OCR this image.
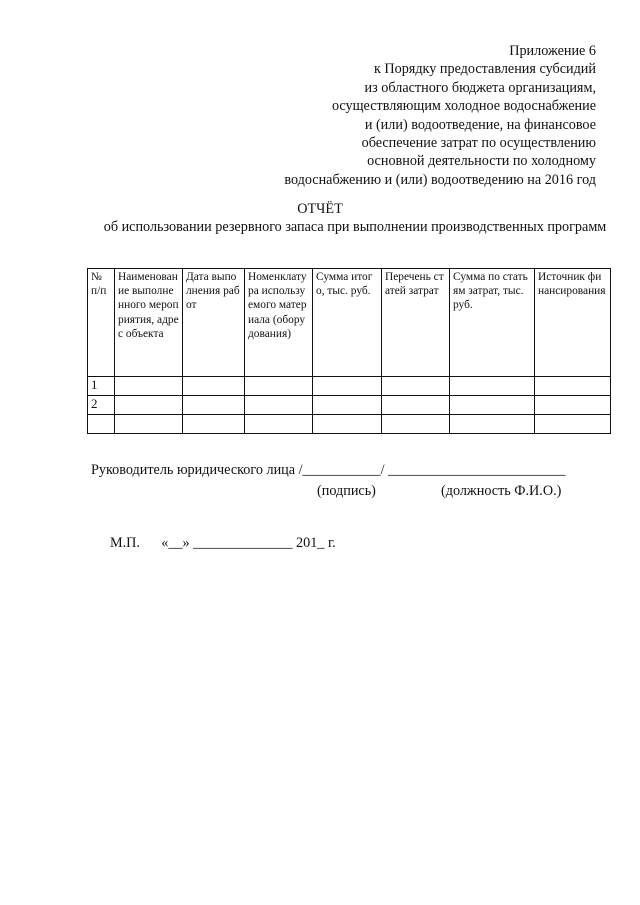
Приложение 6
к Порядку предоставления субсидий
из областного бюджета организациям,
осуществляющим холодное водоснабжение
и (или) водоотведение, на финансовое
обеспечение затрат по осуществлению
основной деятельности по холодному
водоснабжению и (или) водоотведению на 2016 год
ОТЧЁТ
об использовании резервного запаса при выполнении производственных программ
№ п/п	Наименование выполненного мероприятия, адрес объекта	Дата выполнения работ	Номенклатура используемого материала (оборудования)	Сумма итого, тыс. руб.	Перечень статей затрат	Сумма по статьям затрат, тыс. руб.	Источник финансирования
1							
2							

Руководитель юридического лица /___________/ _________________________
(подпись)	(должность Ф.И.О.)
М.П.      «__» ______________ 201_ г.
